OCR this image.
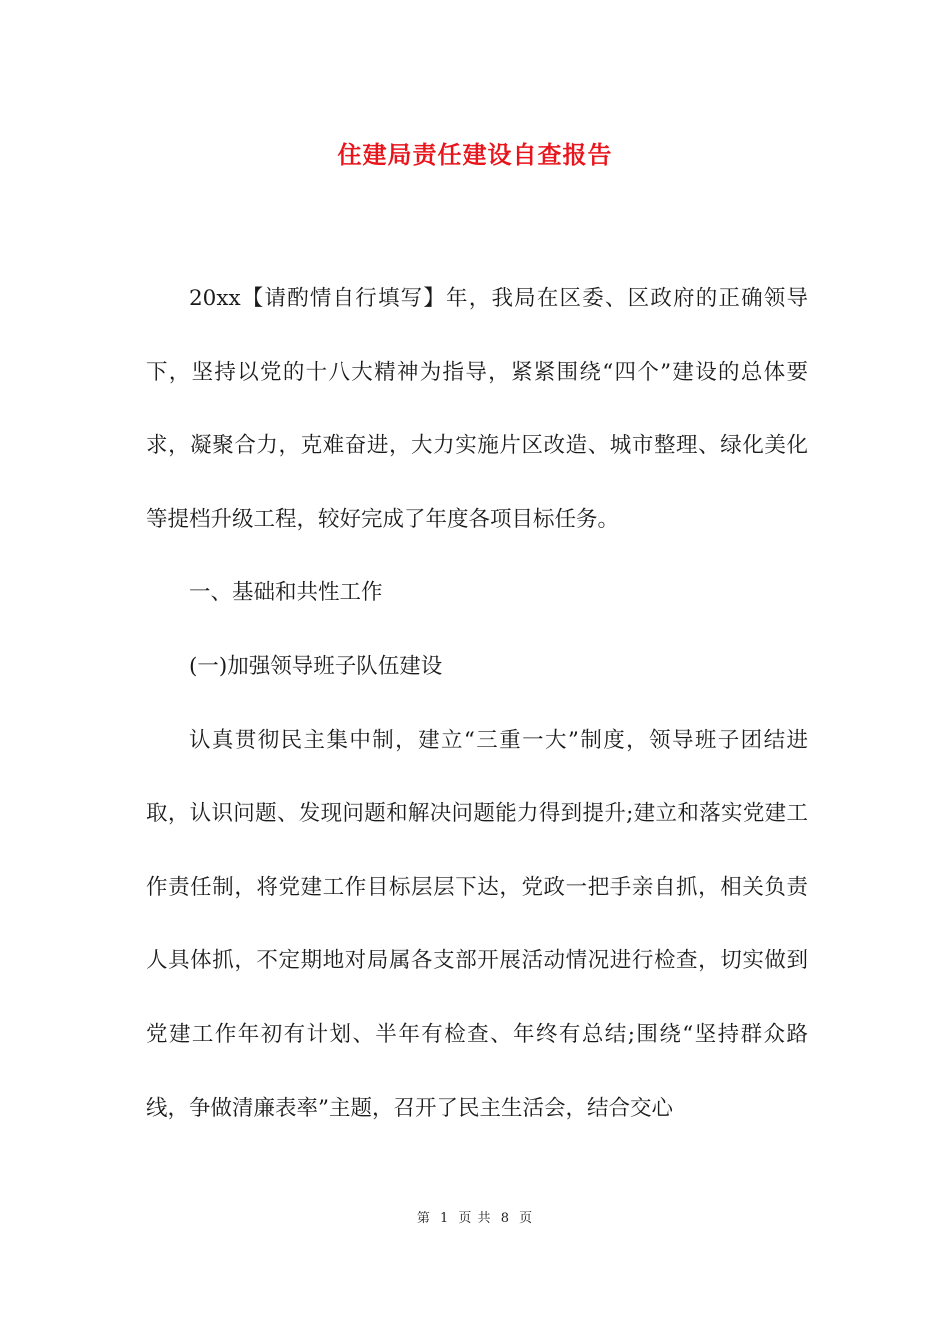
住建局责任建设自查报告

20xx【请酌情自行填写】年，我局在区委、区政府的正确领导下，坚持以党的十八大精神为指导，紧紧围绕“四个”建设的总体要求，凝聚合力，克难奋进，大力实施片区改造、城市整理、绿化美化等提档升级工程，较好完成了年度各项目标任务。

一、基础和共性工作

(一)加强领导班子队伍建设

认真贯彻民主集中制，建立“三重一大”制度，领导班子团结进取，认识问题、发现问题和解决问题能力得到提升;建立和落实党建工作责任制，将党建工作目标层层下达，党政一把手亲自抓，相关负责人具体抓，不定期地对局属各支部开展活动情况进行检查，切实做到党建工作年初有计划、半年有检查、年终有总结;围绕“坚持群众路线，争做清廉表率”主题，召开了民主生活会，结合交心

第 1 页 共 8 页
